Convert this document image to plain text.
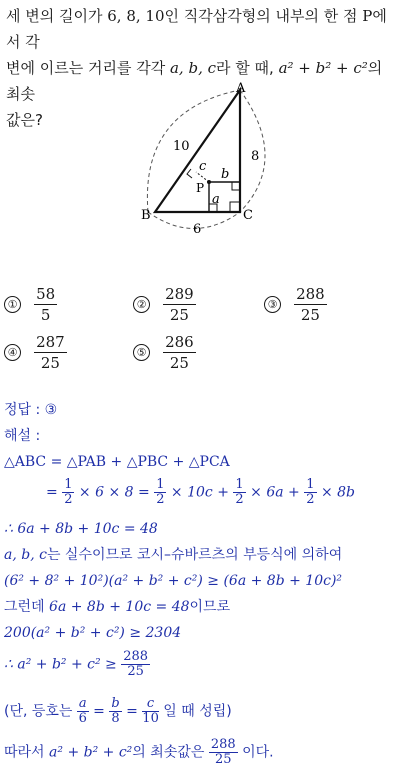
세 변의 길이가 6, 8, 10인 직각삼각형의 내부의 한 점 P에서 각
변에 이르는 거리를 각각 a, b, c라 할 때, a² + b² + c²의 최솟
값은?
A
B	C
P
a
b
c
10
8
6
① $\frac{58}{5}$	② $\frac{289}{25}$	③ $\frac{288}{25}$
④ $\frac{287}{25}$	⑤ $\frac{286}{25}$
정답 : ③
해설 :
△ABC = △PAB + △PBC + △PCA
= $\frac{1}{2} \times 6 \times 8 = \frac{1}{2} \times 10c + \frac{1}{2} \times 6a + \frac{1}{2} \times 8b$
∴ 6a + 8b + 10c = 48
a, b, c는 실수이므로 코시–슈바르츠의 부등식에 의하여
(6² + 8² + 10²)(a² + b² + c²) ≥ (6a + 8b + 10c)²
그런데 6a + 8b + 10c = 48이므로
200(a² + b² + c²) ≥ 2304
∴ $a^2 + b^2 + c^2 \ge \frac{288}{25}$
(단, 등호는 $\frac{a}{6} = \frac{b}{8} = \frac{c}{10}$ 일 때 성립)
따라서 a² + b² + c²의 최솟값은 $\frac{288}{25}$ 이다.
